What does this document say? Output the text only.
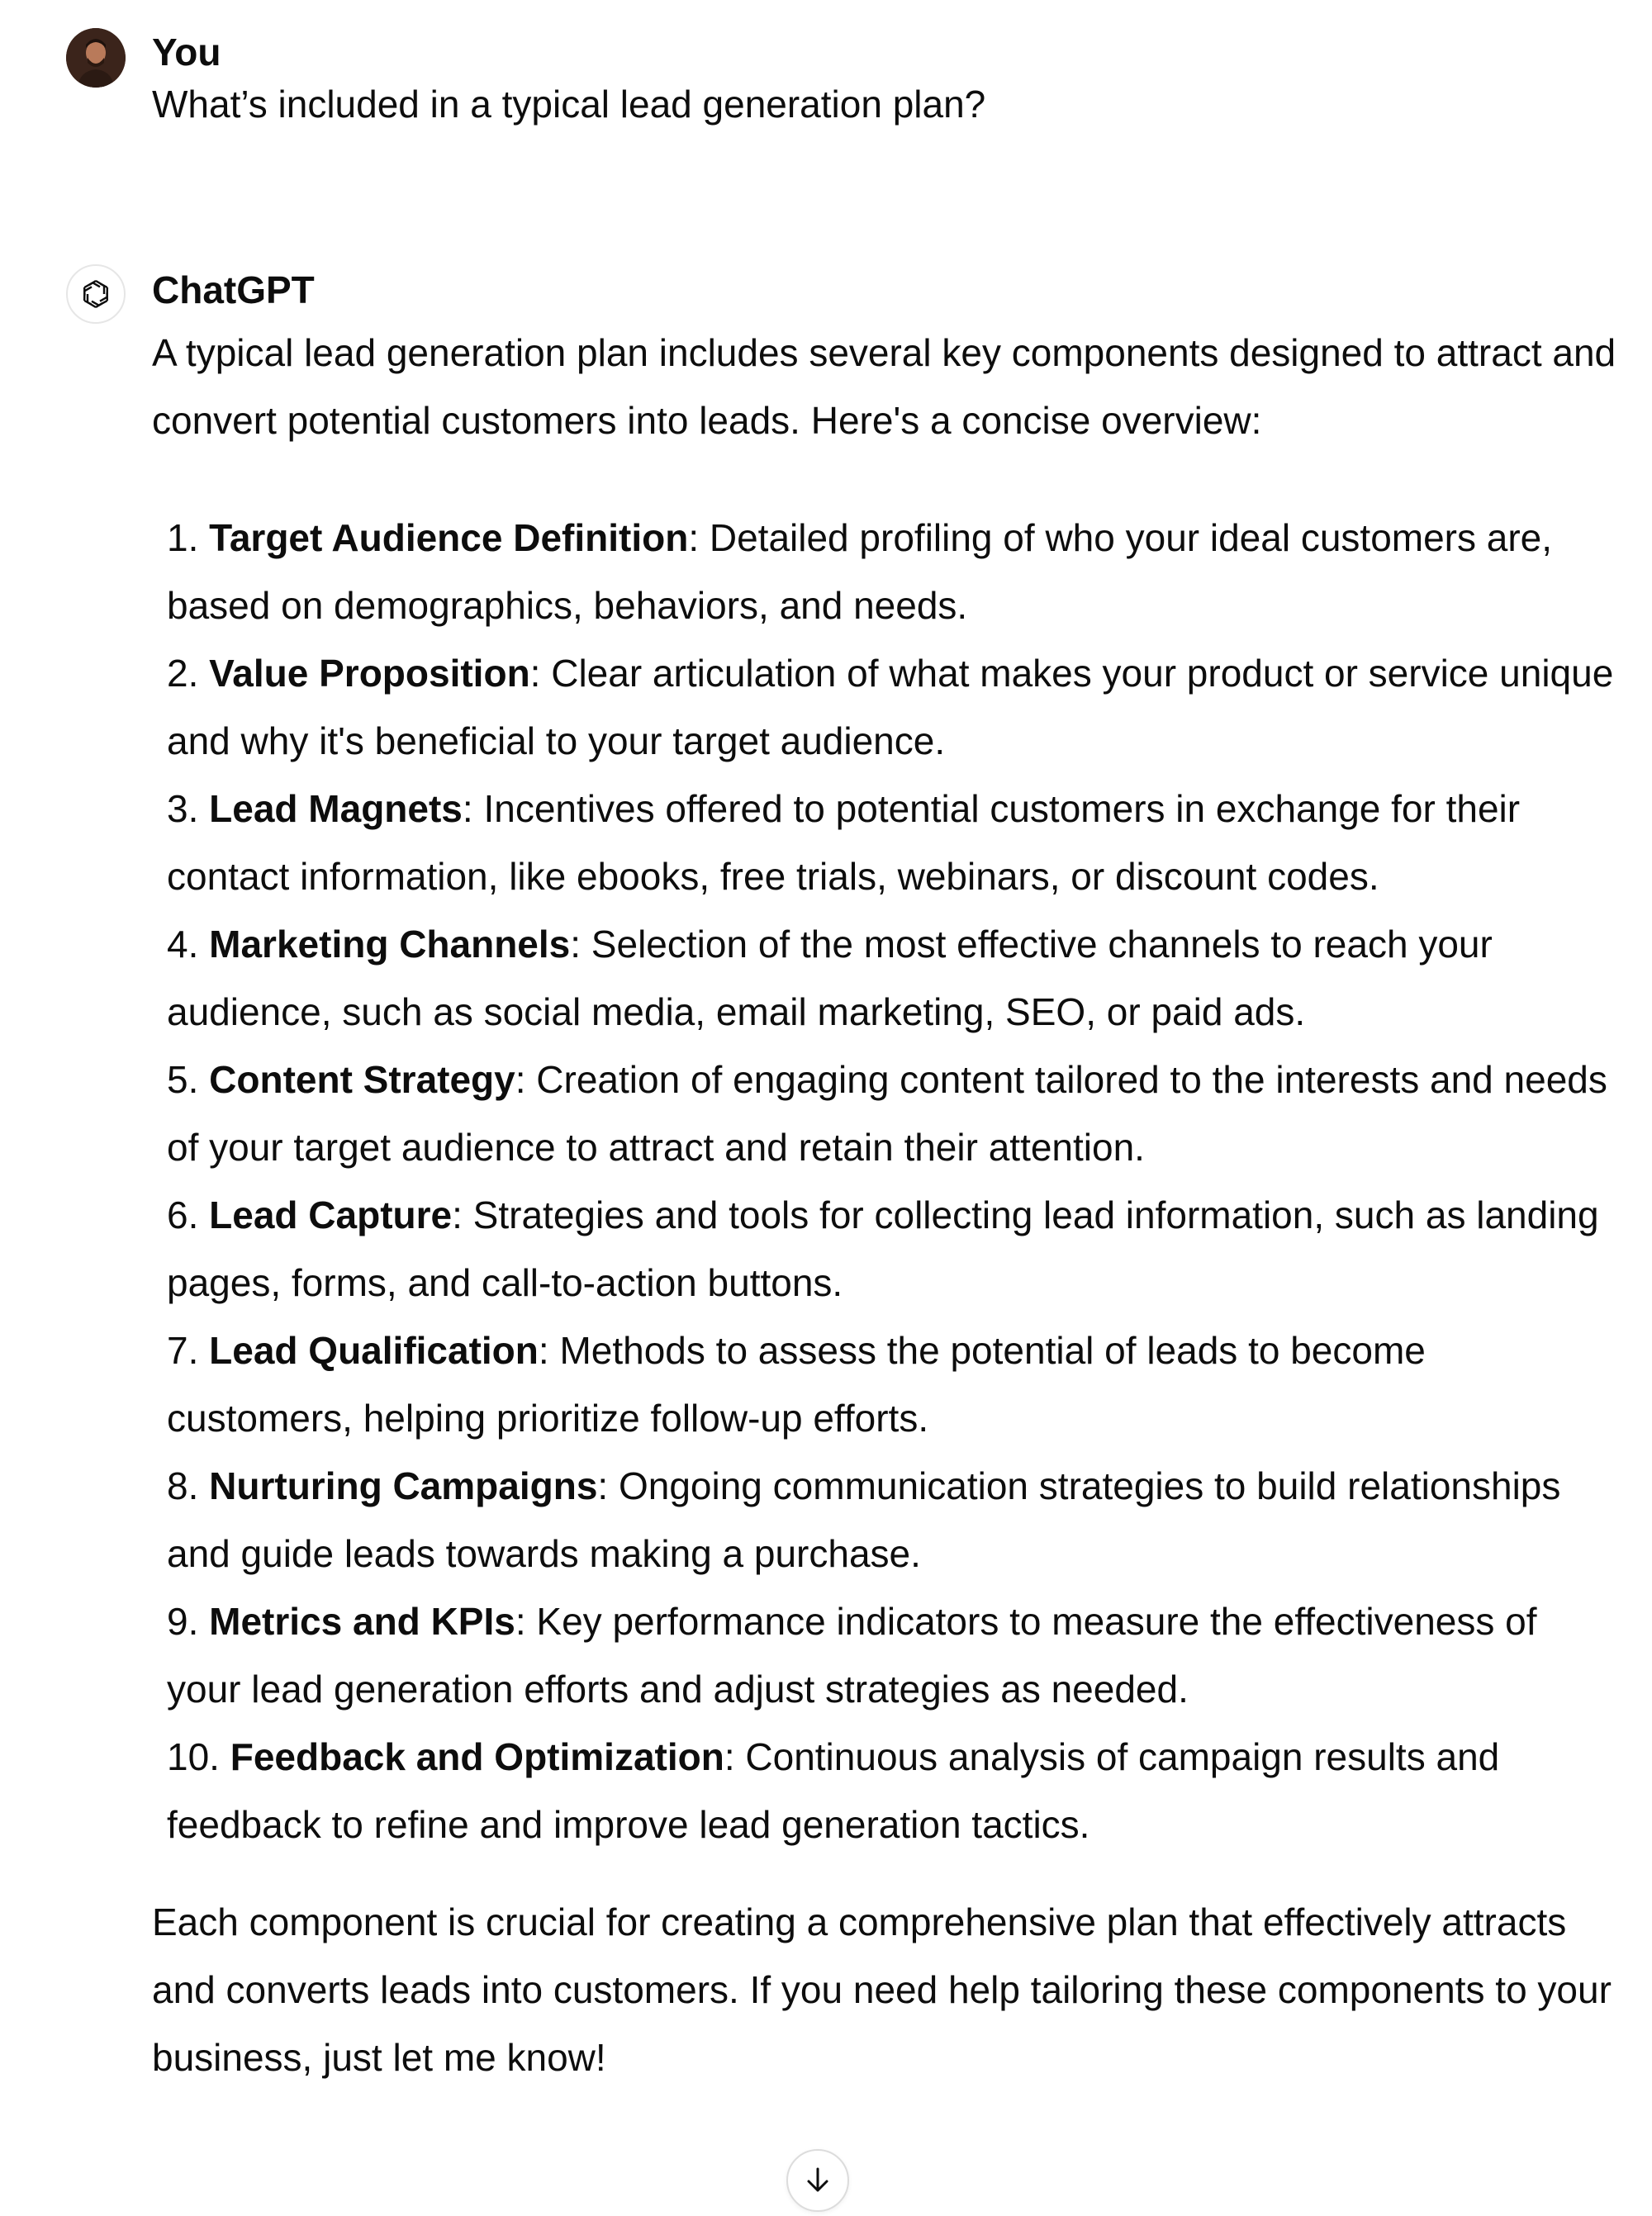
You
What’s included in a typical lead generation plan?
ChatGPT
A typical lead generation plan includes several key components designed to attract and convert potential customers into leads. Here's a concise overview:
1. Target Audience Definition: Detailed profiling of who your ideal customers are, based on demographics, behaviors, and needs.
2. Value Proposition: Clear articulation of what makes your product or service unique and why it's beneficial to your target audience.
3. Lead Magnets: Incentives offered to potential customers in exchange for their contact information, like ebooks, free trials, webinars, or discount codes.
4. Marketing Channels: Selection of the most effective channels to reach your audience, such as social media, email marketing, SEO, or paid ads.
5. Content Strategy: Creation of engaging content tailored to the interests and needs of your target audience to attract and retain their attention.
6. Lead Capture: Strategies and tools for collecting lead information, such as landing pages, forms, and call-to-action buttons.
7. Lead Qualification: Methods to assess the potential of leads to become customers, helping prioritize follow-up efforts.
8. Nurturing Campaigns: Ongoing communication strategies to build relationships and guide leads towards making a purchase.
9. Metrics and KPIs: Key performance indicators to measure the effectiveness of your lead generation efforts and adjust strategies as needed.
10. Feedback and Optimization: Continuous analysis of campaign results and feedback to refine and improve lead generation tactics.
Each component is crucial for creating a comprehensive plan that effectively attracts and converts leads into customers. If you need help tailoring these components to your business, just let me know!
